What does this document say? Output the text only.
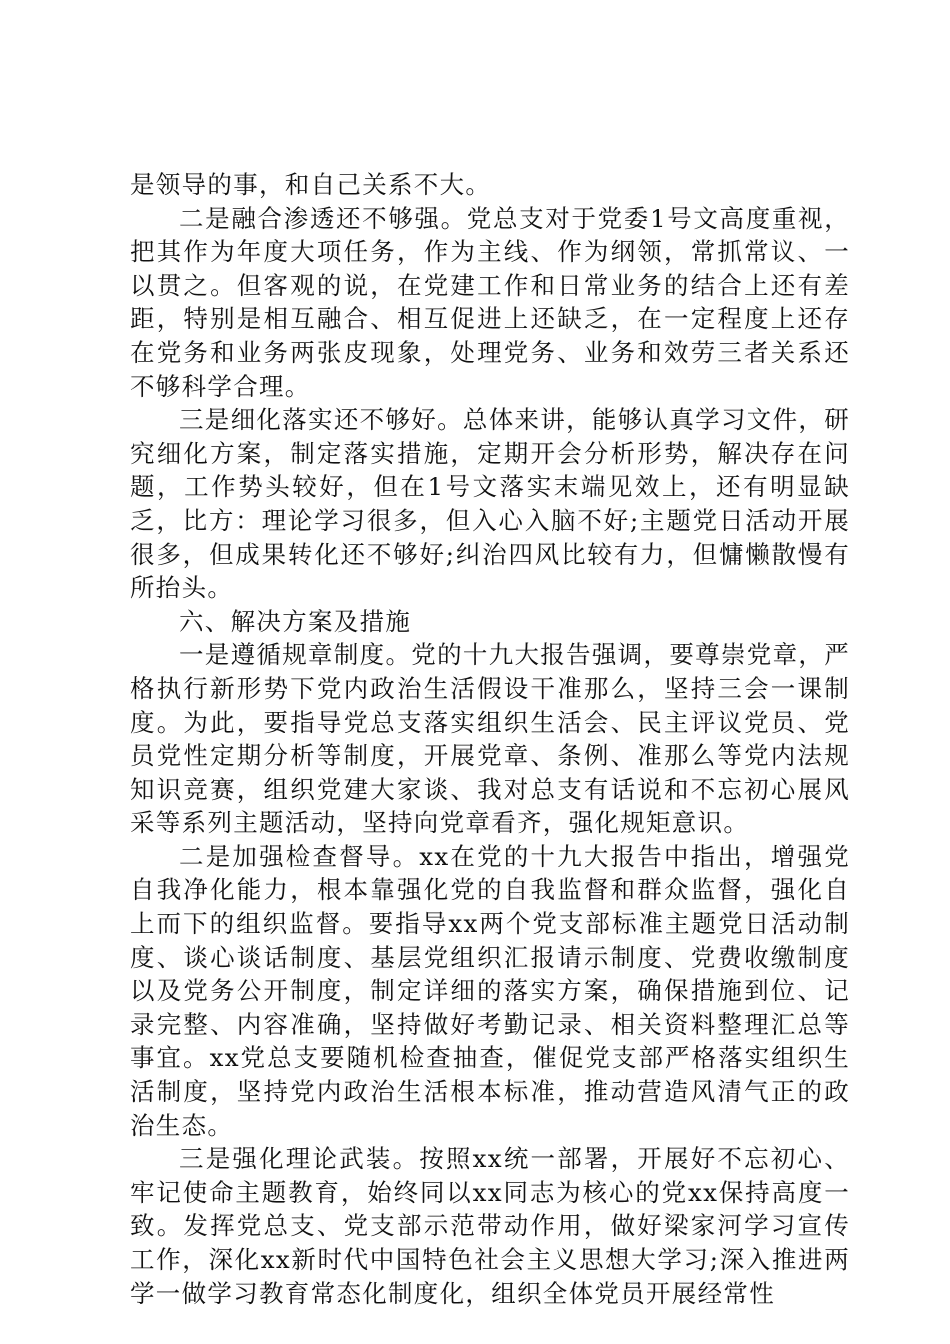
是领导的事，和自己关系不大。

二是融合渗透还不够强。党总支对于党委1号文高度重视，把其作为年度大项任务，作为主线、作为纲领，常抓常议、一以贯之。但客观的说，在党建工作和日常业务的结合上还有差距，特别是相互融合、相互促进上还缺乏，在一定程度上还存在党务和业务两张皮现象，处理党务、业务和效劳三者关系还不够科学合理。

三是细化落实还不够好。总体来讲，能够认真学习文件，研究细化方案，制定落实措施，定期开会分析形势，解决存在问题，工作势头较好，但在1号文落实末端见效上，还有明显缺乏，比方：理论学习很多，但入心入脑不好;主题党日活动开展很多，但成果转化还不够好;纠治四风比较有力，但慵懒散慢有所抬头。

六、解决方案及措施

一是遵循规章制度。党的十九大报告强调，要尊崇党章，严格执行新形势下党内政治生活假设干准那么，坚持三会一课制度。为此，要指导党总支落实组织生活会、民主评议党员、党员党性定期分析等制度，开展党章、条例、准那么等党内法规知识竞赛，组织党建大家谈、我对总支有话说和不忘初心展风采等系列主题活动，坚持向党章看齐，强化规矩意识。

二是加强检查督导。xx在党的十九大报告中指出，增强党自我净化能力，根本靠强化党的自我监督和群众监督，强化自上而下的组织监督。要指导xx两个党支部标准主题党日活动制度、谈心谈话制度、基层党组织汇报请示制度、党费收缴制度以及党务公开制度，制定详细的落实方案，确保措施到位、记录完整、内容准确，坚持做好考勤记录、相关资料整理汇总等事宜。xx党总支要随机检查抽查，催促党支部严格落实组织生活制度，坚持党内政治生活根本标准，推动营造风清气正的政治生态。

三是强化理论武装。按照xx统一部署，开展好不忘初心、牢记使命主题教育，始终同以xx同志为核心的党xx保持高度一致。发挥党总支、党支部示范带动作用，做好梁家河学习宣传工作，深化xx新时代中国特色社会主义思想大学习;深入推进两学一做学习教育常态化制度化，组织全体党员开展经常性
